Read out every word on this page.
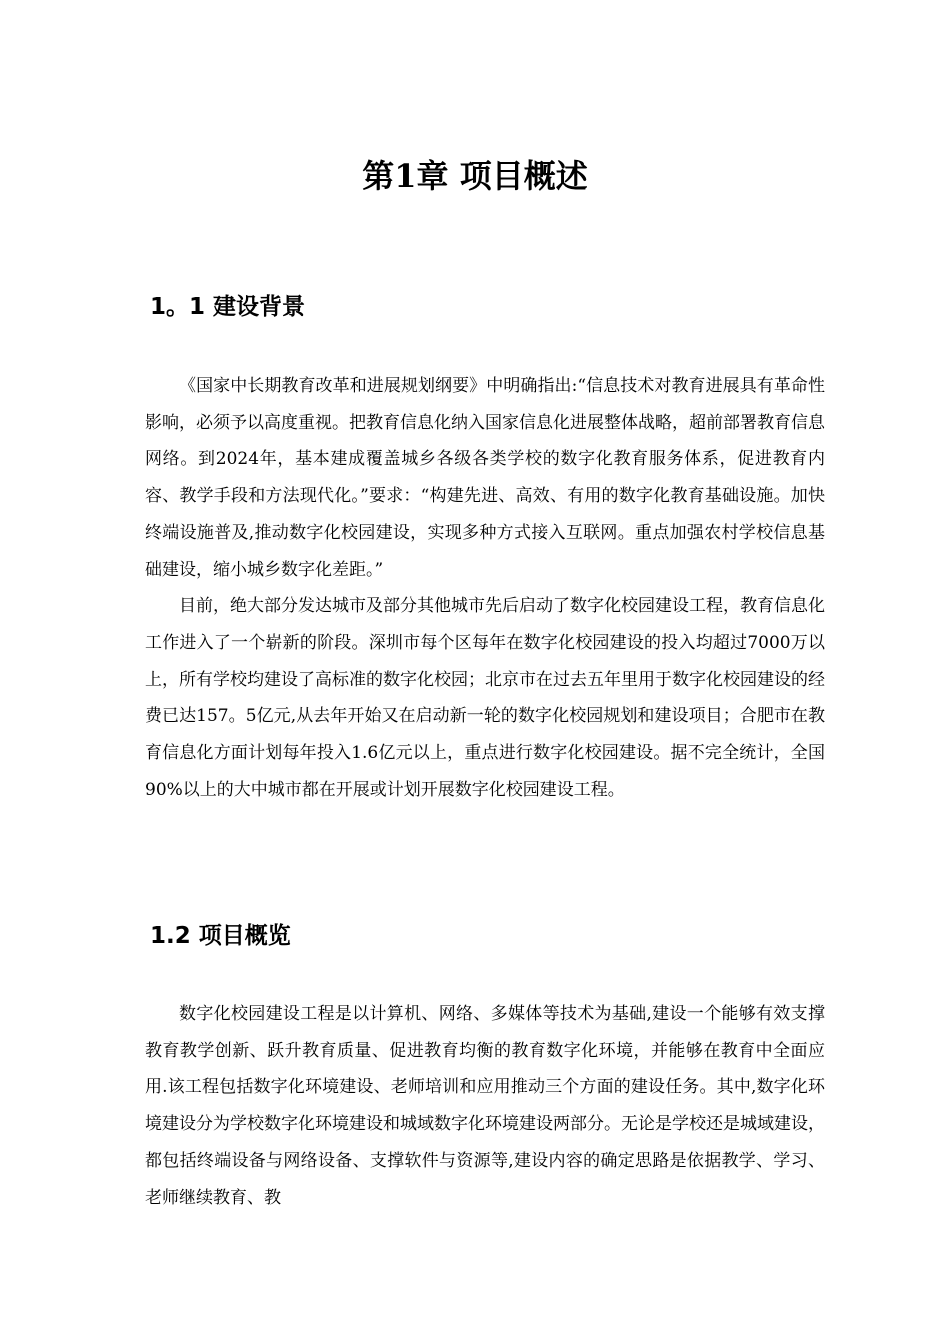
第1章 项目概述
1。1 建设背景

《国家中长期教育改革和进展规划纲要》中明确指出:“信息技术对教育进展具有革命性影响，必须予以高度重视。把教育信息化纳入国家信息化进展整体战略，超前部署教育信息网络。到2024年，基本建成覆盖城乡各级各类学校的数字化教育服务体系，促进教育内容、教学手段和方法现代化。”要求：“构建先进、高效、有用的数字化教育基础设施。加快终端设施普及,推动数字化校园建设，实现多种方式接入互联网。重点加强农村学校信息基础建设，缩小城乡数字化差距。”

目前，绝大部分发达城市及部分其他城市先后启动了数字化校园建设工程，教育信息化工作进入了一个崭新的阶段。深圳市每个区每年在数字化校园建设的投入均超过7000万以上，所有学校均建设了高标准的数字化校园；北京市在过去五年里用于数字化校园建设的经费已达157。5亿元,从去年开始又在启动新一轮的数字化校园规划和建设项目；合肥市在教育信息化方面计划每年投入1.6亿元以上，重点进行数字化校园建设。据不完全统计，全国90%以上的大中城市都在开展或计划开展数字化校园建设工程。

1.2 项目概览

数字化校园建设工程是以计算机、网络、多媒体等技术为基础,建设一个能够有效支撑教育教学创新、跃升教育质量、促进教育均衡的教育数字化环境，并能够在教育中全面应用.该工程包括数字化环境建设、老师培训和应用推动三个方面的建设任务。其中,数字化环境建设分为学校数字化环境建设和城域数字化环境建设两部分。无论是学校还是城域建设，都包括终端设备与网络设备、支撑软件与资源等,建设内容的确定思路是依据教学、学习、老师继续教育、教
